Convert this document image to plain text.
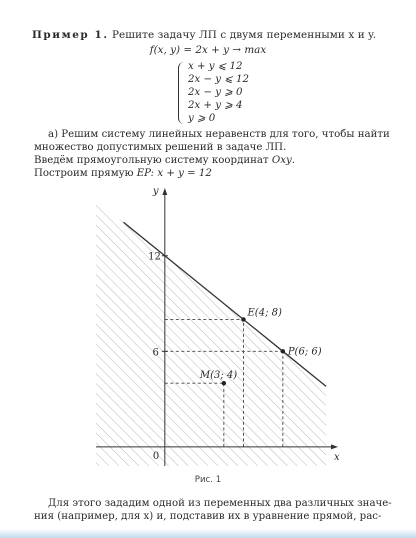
Пример 1. Решите задачу ЛП с двумя переменными x и y.
f(x, y) = 2x + y → max
x + y ⩽ 12
2x − y ⩽ 12
2x − y ⩾ 0
2x + y ⩾ 4
y ⩾ 0
а) Решим систему линейных неравенств для того, чтобы найти
множество допустимых решений в задаче ЛП.
Введём прямоугольную систему координат Oxy.
Построим прямую EP: x + y = 12
x
y
0
12
6
E(4; 8)
P(6; 6)
M(3; 4)
Рис. 1
Для этого зададим одной из переменных два различных значе-
ния (например, для x) и, подставив их в уравнение прямой, рас-
